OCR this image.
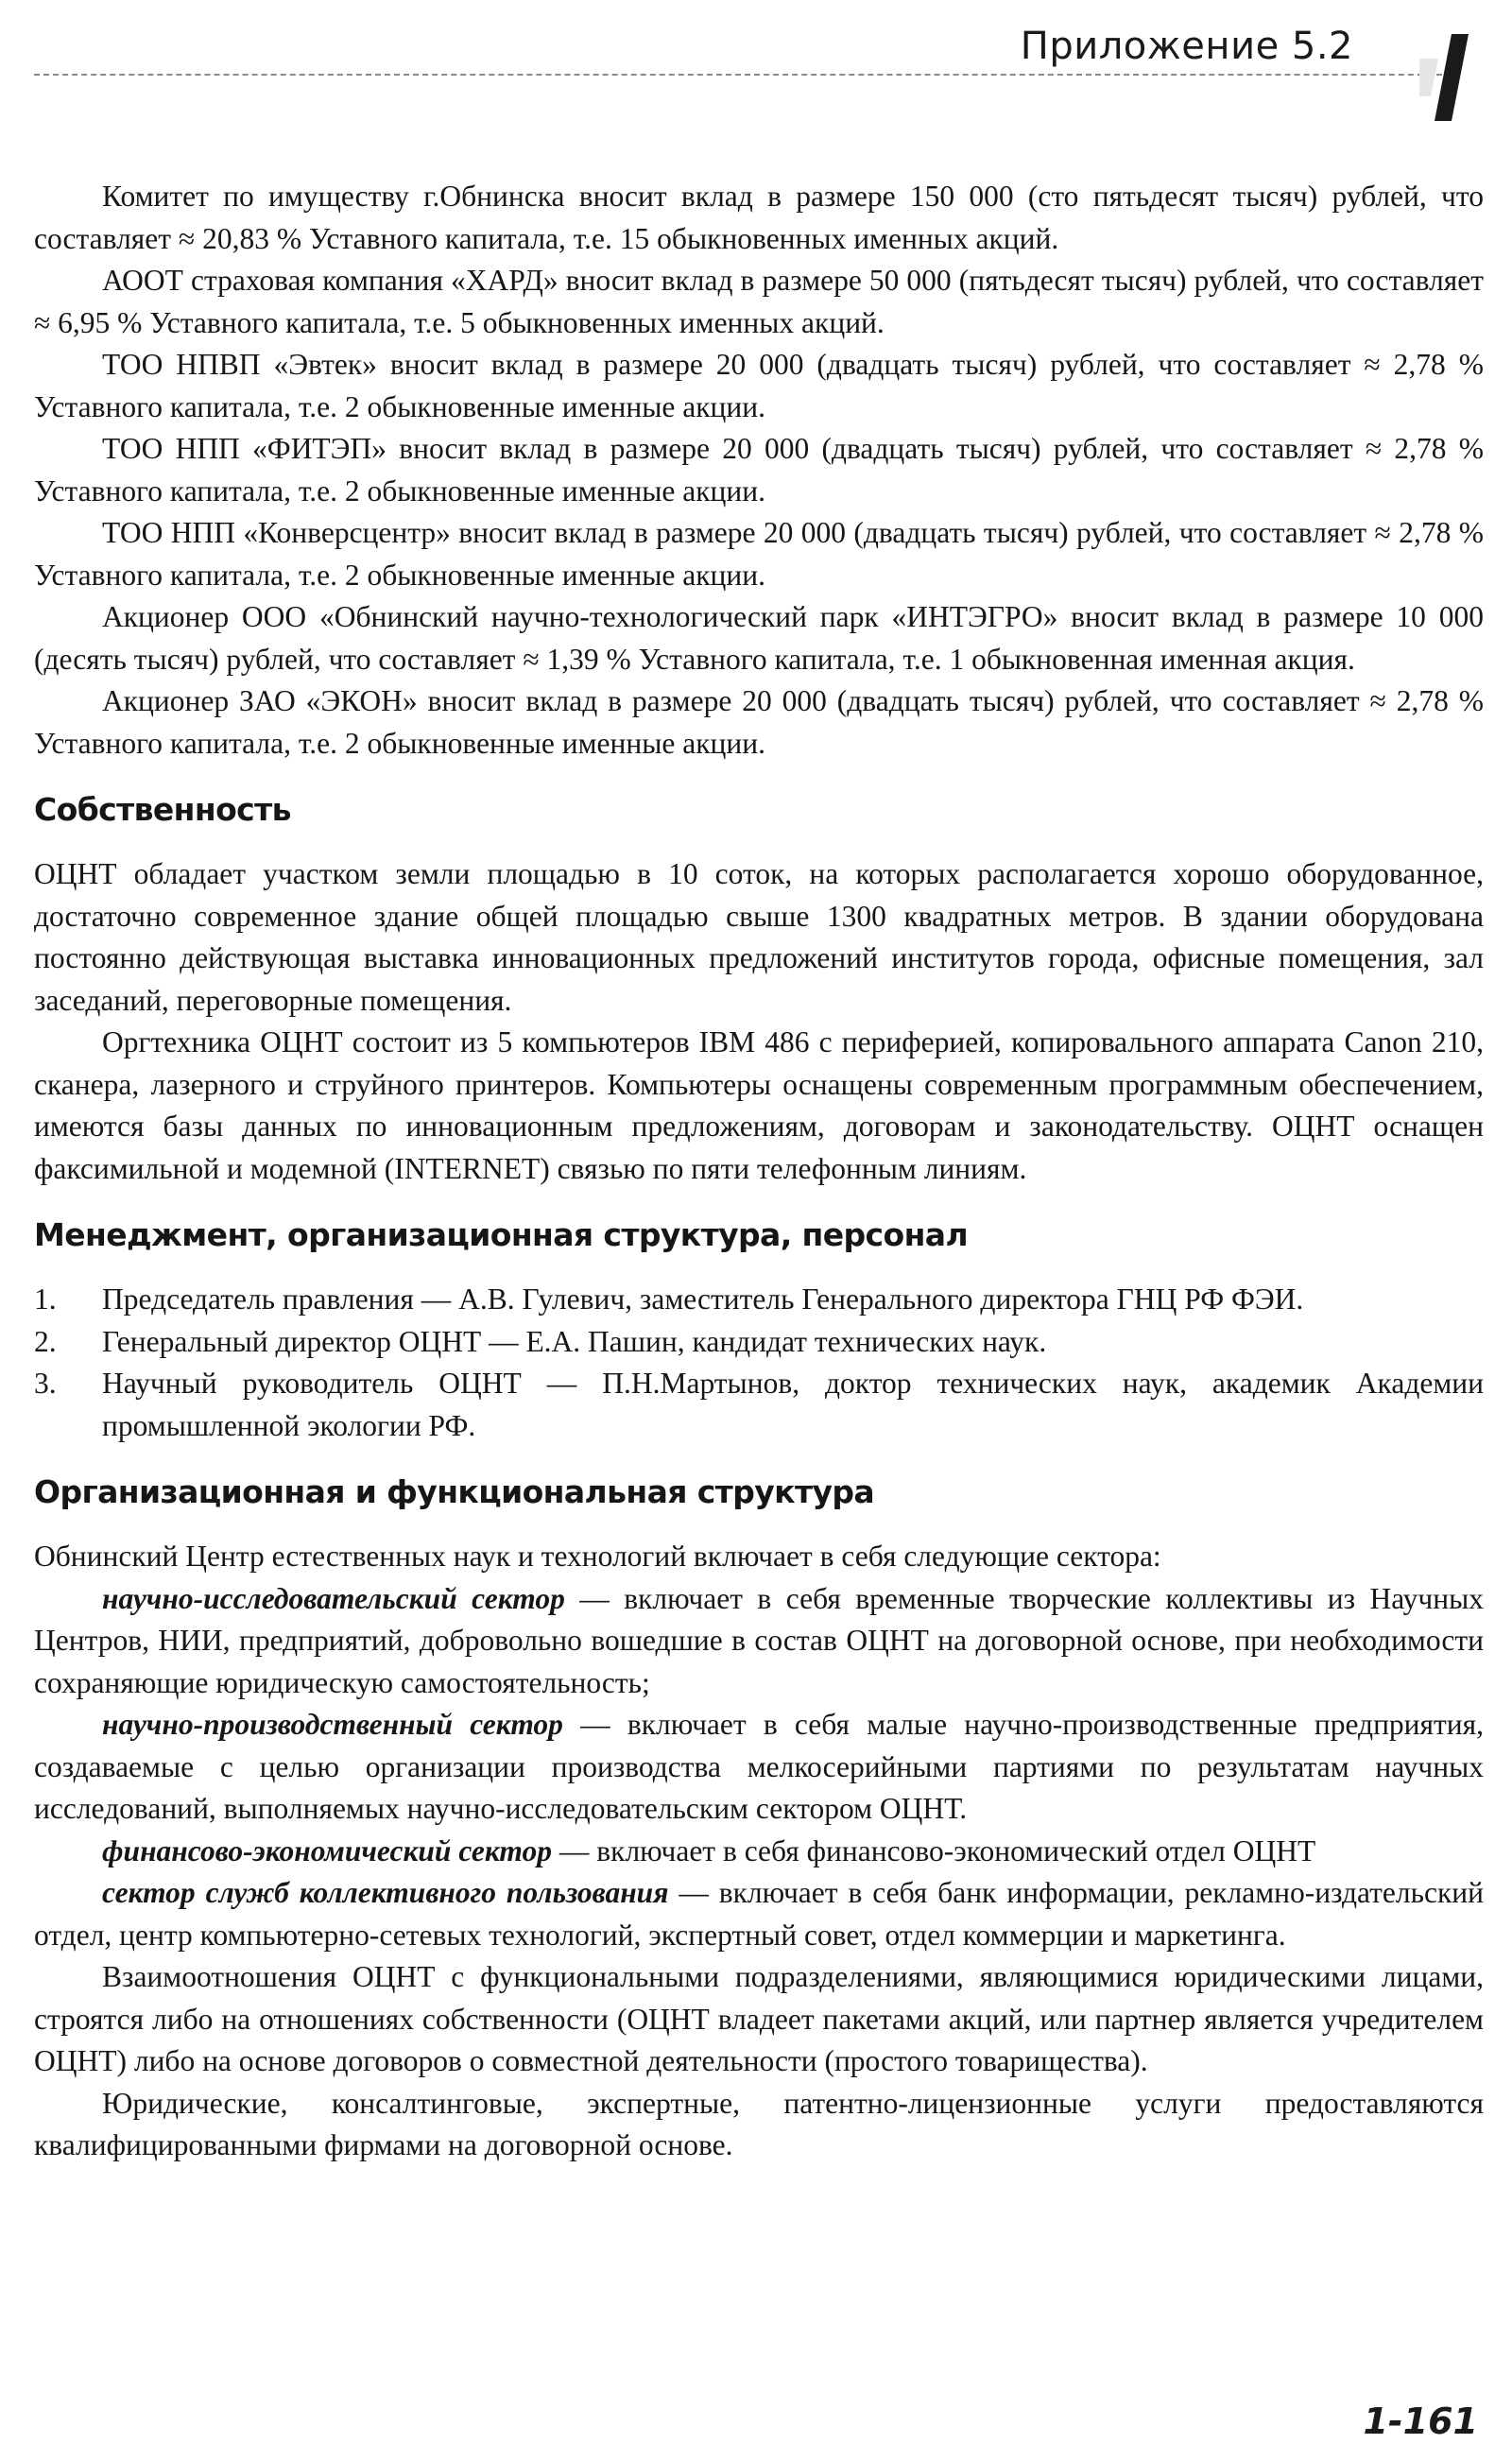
Приложение 5.2

Комитет по имуществу г.Обнинска вносит вклад в размере 150 000 (сто пятьдесят тысяч) рублей, что составляет ≈ 20,83 % Уставного капитала, т.е. 15 обыкновенных именных акций.

АООТ страховая компания «ХАРД» вносит вклад в размере 50 000 (пятьдесят тысяч) рублей, что составляет ≈ 6,95 % Уставного капитала, т.е. 5 обыкновенных именных акций.

ТОО НПВП «Эвтек» вносит вклад в размере 20 000 (двадцать тысяч) рублей, что составляет ≈ 2,78 % Уставного капитала, т.е. 2 обыкновенные именные акции.

ТОО НПП «ФИТЭП» вносит вклад в размере 20 000 (двадцать тысяч) рублей, что составляет ≈ 2,78 % Уставного капитала, т.е. 2 обыкновенные именные акции.

ТОО НПП «Конверсцентр» вносит вклад в размере 20 000 (двадцать тысяч) рублей, что составляет ≈ 2,78 % Уставного капитала, т.е. 2 обыкновенные именные акции.

Акционер ООО «Обнинский научно-технологический парк «ИНТЭГРО» вносит вклад в размере 10 000 (десять тысяч) рублей, что составляет ≈ 1,39 % Уставного капитала, т.е. 1 обыкновенная именная акция.

Акционер ЗАО «ЭКОН» вносит вклад в размере 20 000 (двадцать тысяч) рублей, что составляет ≈ 2,78 % Уставного капитала, т.е. 2 обыкновенные именные акции.

Собственность

ОЦНТ обладает участком земли площадью в 10 соток, на которых располагается хорошо оборудованное, достаточно современное здание общей площадью свыше 1300 квадратных метров. В здании оборудована постоянно действующая выставка инновационных предложений институтов города, офисные помещения, зал заседаний, переговорные помещения.

Оргтехника ОЦНТ состоит из 5 компьютеров IBM 486 с периферией, копировального аппарата Canon 210, сканера, лазерного и струйного принтеров. Компьютеры оснащены современным программным обеспечением, имеются базы данных по инновационным предложениям, договорам и законодательству. ОЦНТ оснащен факсимильной и модемной (INTERNET) связью по пяти телефонным линиям.

Менеджмент, организационная структура, персонал
1. Председатель правления — А.В. Гулевич, заместитель Генерального директора ГНЦ РФ ФЭИ.
2. Генеральный директор ОЦНТ — Е.А. Пашин, кандидат технических наук.
3. Научный руководитель ОЦНТ — П.Н.Мартынов, доктор технических наук, академик Академии промышленной экологии РФ.
Организационная и функциональная структура

Обнинский Центр естественных наук и технологий включает в себя следующие сектора:

научно-исследовательский сектор — включает в себя временные творческие коллективы из Научных Центров, НИИ, предприятий, добровольно вошедшие в состав ОЦНТ на договорной основе, при необходимости сохраняющие юридическую самостоятельность;

научно-производственный сектор — включает в себя малые научно-производственные предприятия, создаваемые с целью организации производства мелкосерийными партиями по результатам научных исследований, выполняемых научно-исследовательским сектором ОЦНТ.

финансово-экономический сектор — включает в себя финансово-экономический отдел ОЦНТ

сектор служб коллективного пользования — включает в себя банк информации, рекламно-издательский отдел, центр компьютерно-сетевых технологий, экспертный совет, отдел коммерции и маркетинга.

Взаимоотношения ОЦНТ с функциональными подразделениями, являющимися юридическими лицами, строятся либо на отношениях собственности (ОЦНТ владеет пакетами акций, или партнер является учредителем ОЦНТ) либо на основе договоров о совместной деятельности (простого товарищества).

Юридические, консалтинговые, экспертные, патентно-лицензионные услуги предоставляются квалифицированными фирмами на договорной основе.

1-161
